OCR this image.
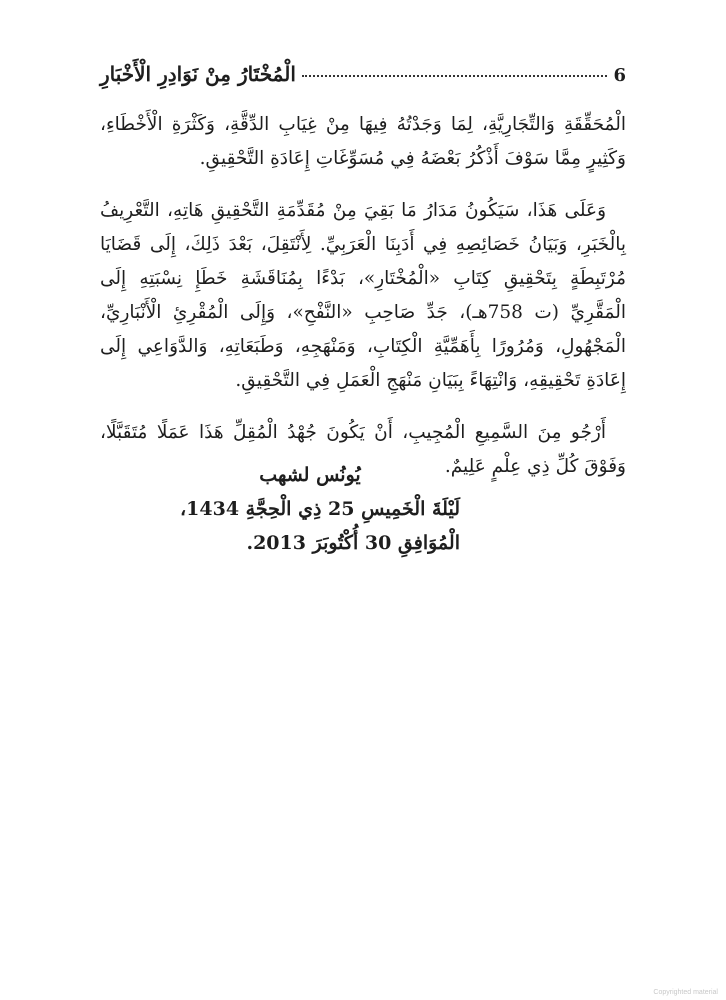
6
الْمُخْتَارُ مِنْ نَوَادِرِ الْأَخْبَارِ

الْمُحَقِّقَةِ وَالتِّجَارِيَّةِ، لِمَا وَجَدْتُهُ فِيهَا مِنْ غِيَابِ الدِّقَّةِ، وَكَثْرَةِ الْأَخْطَاءِ، وَكَثِيرٍ مِمَّا سَوْفَ أَذْكُرُ بَعْضَهُ فِي مُسَوِّغَاتِ إِعَادَةِ التَّحْقِيقِ.

وَعَلَى هَذَا، سَيَكُونُ مَدَارُ مَا بَقِيَ مِنْ مُقَدِّمَةِ التَّحْقِيقِ هَاتِهِ، التَّعْرِيفُ بِالْخَبَرِ، وَبَيَانُ خَصَائِصِهِ فِي أَدَبِنَا الْعَرَبِيِّ. لِأَنْتَقِلَ، بَعْدَ ذَلِكَ، إِلَى قَضَايَا مُرْتَبِطَةٍ بِتَحْقِيقِ كِتَابِ «الْمُخْتَارِ»، بَدْءًا بِمُنَاقَشَةِ خَطَإِ نِسْبَتِهِ إِلَى الْمَقَّرِيِّ (ت 758هـ)، جَدِّ صَاحِبِ «النَّفْحِ»، وَإِلَى الْمُقْرِئِ الْأَنْبَارِيِّ، الْمَجْهُولِ، وَمُرُورًا بِأَهَمِّيَّةِ الْكِتَابِ، وَمَنْهَجِهِ، وَطَبَعَاتِهِ، وَالدَّوَاعِي إِلَى إِعَادَةِ تَحْقِيقِهِ، وَانْتِهَاءً بِبَيَانِ مَنْهَجِ الْعَمَلِ فِي التَّحْقِيقِ.

أَرْجُو مِنَ السَّمِيعِ الْمُجِيبِ، أَنْ يَكُونَ جُهْدُ الْمُقِلِّ هَذَا عَمَلًا مُتَقَبَّلًا، وَفَوْقَ كُلِّ ذِي عِلْمٍ عَلِيمٌ.

يُونُس لشهب
لَيْلَةَ الْخَمِيسِ 25 ذِي الْحِجَّةِ 1434،
الْمُوَافِقِ 30 أُكْتُوبَرَ 2013.
Copyrighted material
